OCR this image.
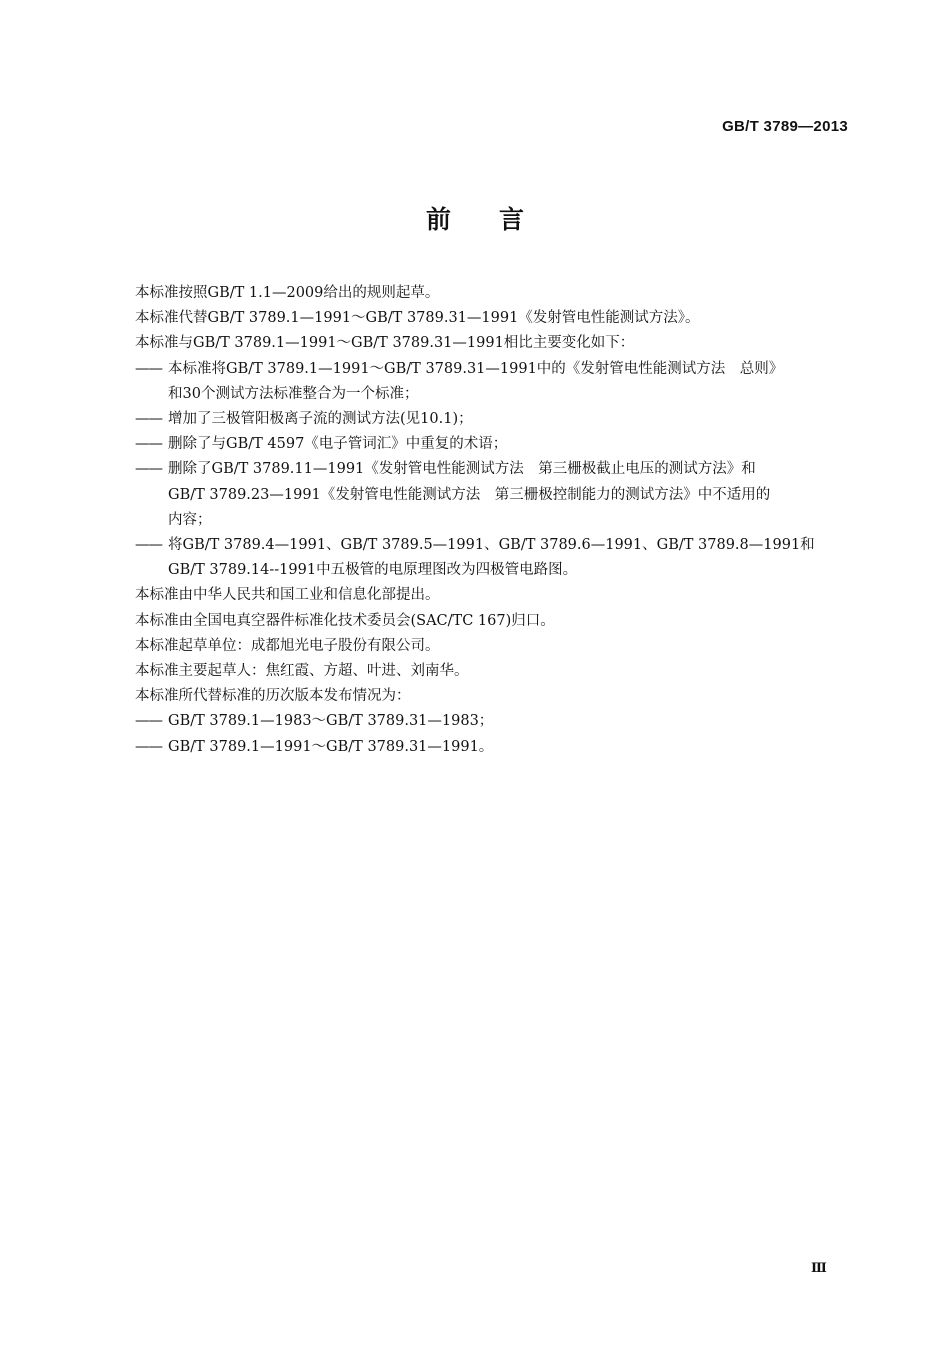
GB/T 3789—2013
前言

本标准按照GB/T 1.1—2009给出的规则起草。

本标准代替GB/T 3789.1—1991～GB/T 3789.31—1991《发射管电性能测试方法》。

本标准与GB/T 3789.1—1991～GB/T 3789.31—1991相比主要变化如下：

—— 本标准将GB/T 3789.1—1991～GB/T 3789.31—1991中的《发射管电性能测试方法　总则》

和30个测试方法标准整合为一个标准；

—— 增加了三极管阳极离子流的测试方法(见10.1)；

—— 删除了与GB/T 4597《电子管词汇》中重复的术语；

—— 删除了GB/T 3789.11—1991《发射管电性能测试方法　第三栅极截止电压的测试方法》和

GB/T 3789.23—1991《发射管电性能测试方法　第三栅极控制能力的测试方法》中不适用的

内容；

—— 将GB/T 3789.4—1991、GB/T 3789.5—1991、GB/T 3789.6—1991、GB/T 3789.8—1991和

GB/T 3789.14--1991中五极管的电原理图改为四极管电路图。

本标准由中华人民共和国工业和信息化部提出。

本标准由全国电真空器件标准化技术委员会(SAC/TC 167)归口。

本标准起草单位：成都旭光电子股份有限公司。

本标准主要起草人：焦红霞、方超、叶进、刘南华。

本标准所代替标准的历次版本发布情况为：

—— GB/T 3789.1—1983～GB/T 3789.31—1983；

—— GB/T 3789.1—1991～GB/T 3789.31—1991。

Ⅲ
